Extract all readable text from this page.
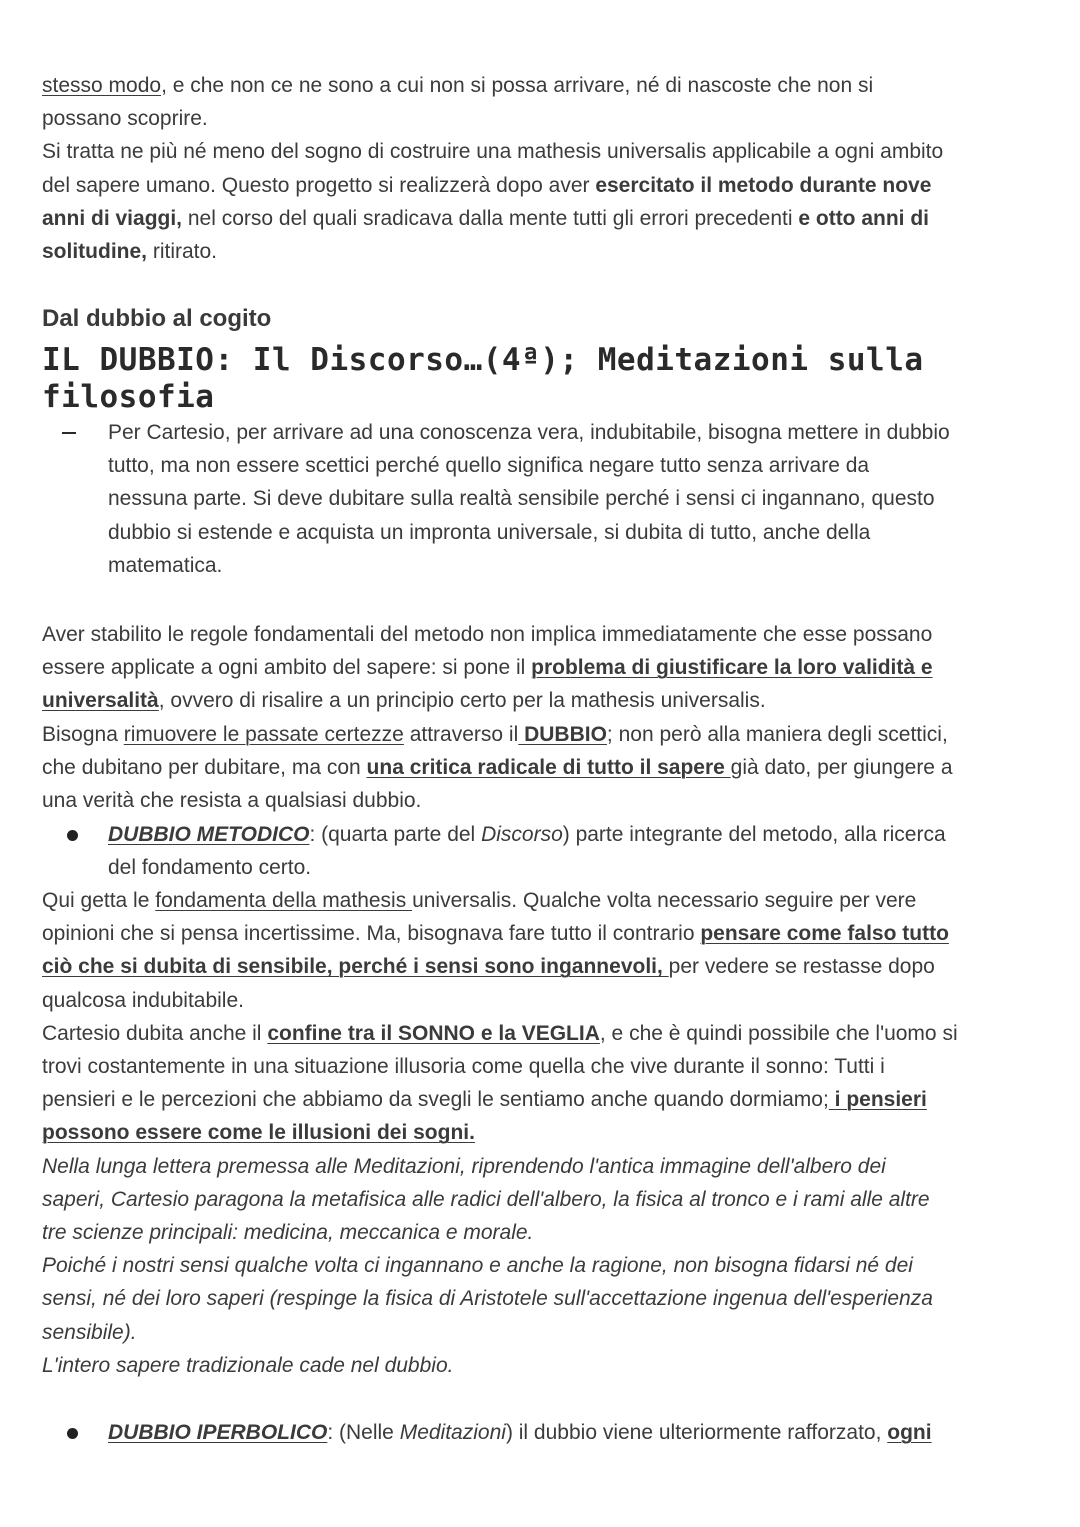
stesso modo, e che non ce ne sono a cui non si possa arrivare, né di nascoste che non si

possano scoprire.

Si tratta ne più né meno del sogno di costruire una mathesis universalis applicabile a ogni ambito

del sapere umano. Questo progetto si realizzerà dopo aver esercitato il metodo durante nove

anni di viaggi, nel corso del quali sradicava dalla mente tutti gli errori precedenti e otto anni di

solitudine, ritirato.

Dal dubbio al cogito
IL DUBBIO: Il Discorso…(4ª); Meditazioni sulla
filosofia

Per Cartesio, per arrivare ad una conoscenza vera, indubitabile, bisogna mettere in dubbio

tutto, ma non essere scettici perché quello significa negare tutto senza arrivare da

nessuna parte. Si deve dubitare sulla realtà sensibile perché i sensi ci ingannano, questo

dubbio si estende e acquista un impronta universale, si dubita di tutto, anche della

matematica.

Aver stabilito le regole fondamentali del metodo non implica immediatamente che esse possano

essere applicate a ogni ambito del sapere: si pone il problema di giustificare la loro validità e

universalità, ovvero di risalire a un principio certo per la mathesis universalis.

Bisogna rimuovere le passate certezze attraverso il DUBBIO; non però alla maniera degli scettici,

che dubitano per dubitare, ma con una critica radicale di tutto il sapere già dato, per giungere a

una verità che resista a qualsiasi dubbio.

DUBBIO METODICO: (quarta parte del Discorso) parte integrante del metodo, alla ricerca

del fondamento certo.

Qui getta le fondamenta della mathesis universalis. Qualche volta necessario seguire per vere

opinioni che si pensa incertissime. Ma, bisognava fare tutto il contrario pensare come falso tutto

ciò che si dubita di sensibile, perché i sensi sono ingannevoli, per vedere se restasse dopo

qualcosa indubitabile.

Cartesio dubita anche il confine tra il SONNO e la VEGLIA, e che è quindi possibile che l'uomo si

trovi costantemente in una situazione illusoria come quella che vive durante il sonno: Tutti i

pensieri e le percezioni che abbiamo da svegli le sentiamo anche quando dormiamo; i pensieri

possono essere come le illusioni dei sogni.

Nella lunga lettera premessa alle Meditazioni, riprendendo l'antica immagine dell'albero dei

saperi, Cartesio paragona la metafisica alle radici dell'albero, la fisica al tronco e i rami alle altre

tre scienze principali: medicina, meccanica e morale.

Poiché i nostri sensi qualche volta ci ingannano e anche la ragione, non bisogna fidarsi né dei

sensi, né dei loro saperi (respinge la fisica di Aristotele sull'accettazione ingenua dell'esperienza

sensibile).

L'intero sapere tradizionale cade nel dubbio.

DUBBIO IPERBOLICO: (Nelle Meditazioni) il dubbio viene ulteriormente rafforzato, ogni
